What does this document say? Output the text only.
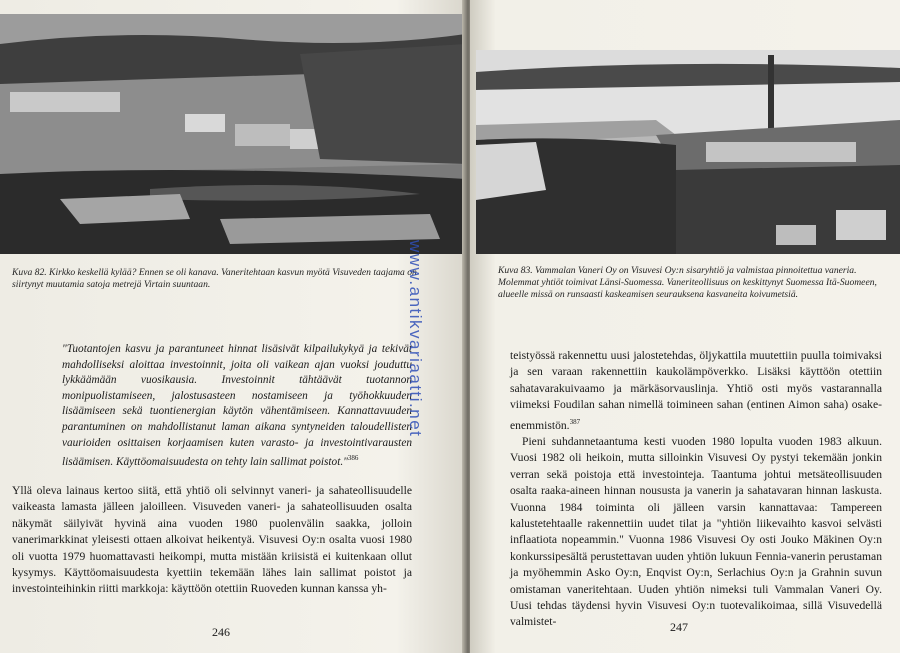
Kuva 82. Kirkko keskellä kylää? Ennen se oli kanava. Vaneritehtaan kasvun myötä Visuveden taajama on siirtynyt muutamia satoja metrejä Virtain suuntaan.
"Tuotantojen kasvu ja parantuneet hinnat lisäsivät kilpailukykyä ja tekivät mahdolliseksi aloittaa investoinnit, joita oli vaikean ajan vuoksi jouduttu lykkäämään vuosikausia. Investoinnit tähtäävät tuotannon monipuolistamiseen, jalostusasteen nostamiseen ja työhokkuuden lisäämiseen sekä tuontienergian käytön vähentämiseen. Kannattavuuden parantuminen on mahdollistanut laman aikana syntyneiden taloudellisten vaurioiden osittaisen korjaamisen kuten varasto- ja investointivarausten lisäämisen. Käyttöomaisuudesta on tehty lain sallimat poistot."$^{386}$

Yllä oleva lainaus kertoo siitä, että yhtiö oli selvinnyt vaneri- ja sahateollisuudelle vaikeasta lamasta jälleen jaloilleen. Visuveden vaneri- ja sahateollisuuden osalta näkymät säilyivät hyvinä aina vuoden 1980 puolenvälin saakka, jolloin vanerimarkkinat yleisesti ottaen alkoivat heikentyä. Visuvesi Oy:n osalta vuosi 1980 oli vuotta 1979 huomattavasti heikompi, mutta mistään kriisistä ei kuitenkaan ollut kysymys. Käyttöomaisuudesta kyettiin tekemään lähes lain sallimat poistot ja investointeihinkin riitti markkoja: käyttöön otettiin Ruoveden kunnan kanssa yh-

246
Kuva 83. Vammalan Vaneri Oy on Visuvesi Oy:n sisaryhtiö ja valmistaa pinnoitettua vaneria. Molemmat yhtiöt toimivat Länsi-Suomessa. Vaneriteollisuus on keskittynyt Suomessa Itä-Suomeen, alueelle missä on runsaasti kaskeamisen seurauksena kasvaneita koivumetsiä.

teistyössä rakennettu uusi jalostetehdas, öljykattila muutettiin puulla toimivaksi ja sen varaan rakennettiin kaukolämpöverkko. Lisäksi käyttöön otettiin sahatavarakuivaamo ja märkäsorvauslinja. Yhtiö osti myös vastarannalla viimeksi Foudilan sahan nimellä toimineen sahan (entinen Aimon saha) osake-enemmistön.$^{387}$

Pieni suhdannetaantuma kesti vuoden 1980 lopulta vuoden 1983 alkuun. Vuosi 1982 oli heikoin, mutta silloinkin Visuvesi Oy pystyi tekemään jonkin verran sekä poistoja että investointeja. Taantuma johtui metsäteollisuuden osalta raaka-aineen hinnan noususta ja vanerin ja sahatavaran hinnan laskusta. Vuonna 1984 toiminta oli jälleen varsin kannattavaa: Tampereen kalustetehtaalle rakennettiin uudet tilat ja "yhtiön liikevaihto kasvoi selvästi inflaatiota nopeammin." Vuonna 1986 Visuvesi Oy osti Jouko Mäkinen Oy:n konkurssipesältä perustettavan uuden yhtiön lukuun Fennia-vanerin perustaman ja myöhemmin Asko Oy:n, Enqvist Oy:n, Serlachius Oy:n ja Grahnin suvun omistaman vaneritehtaan. Uuden yhtiön nimeksi tuli Vammalan Vaneri Oy. Uusi tehdas täydensi hyvin Visuvesi Oy:n tuotevalikoimaa, sillä Visuvedellä valmistet-	247
www.antikvariaatti.net
